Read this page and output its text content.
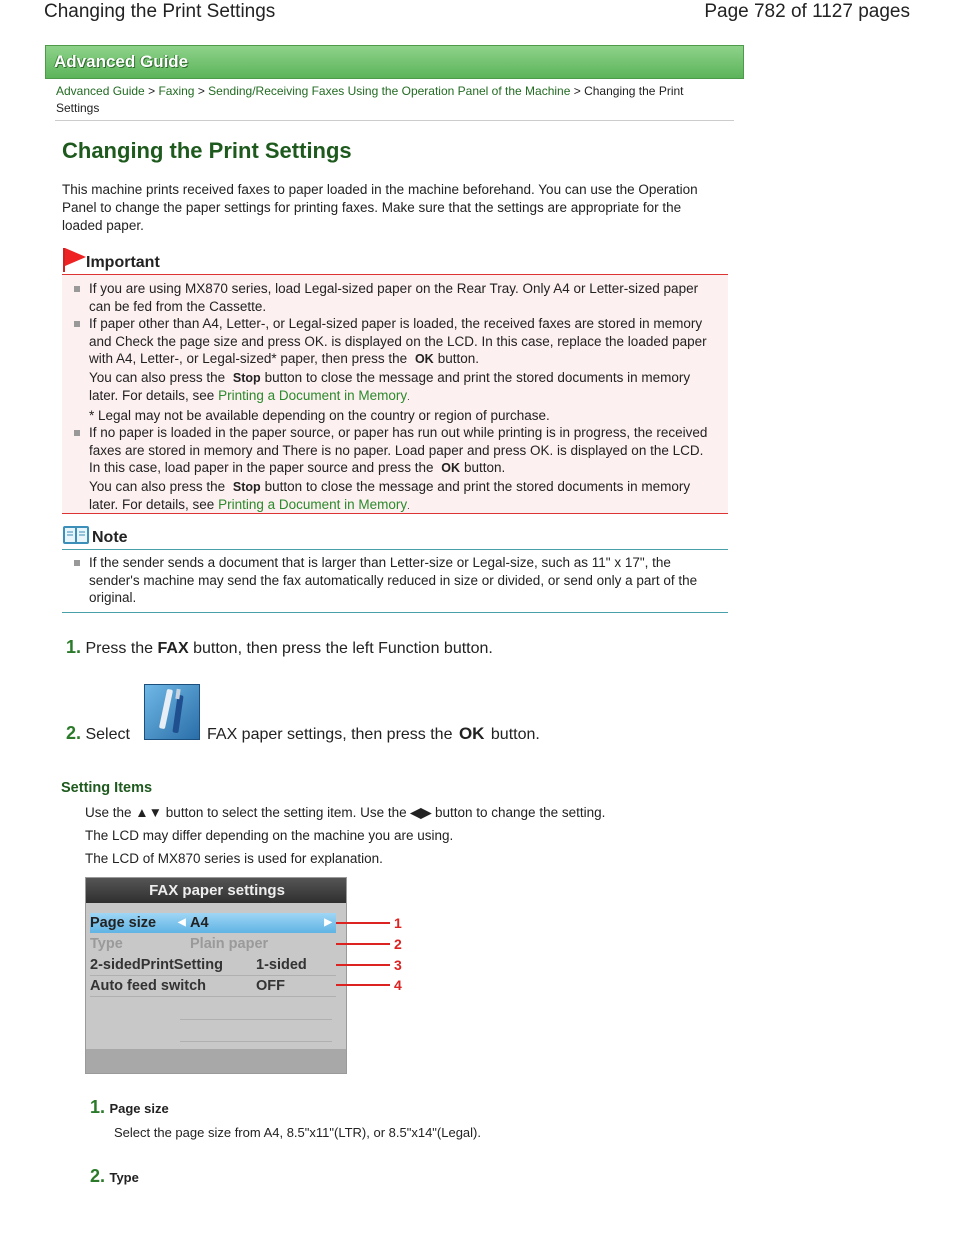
Changing the Print Settings	Page 782 of 1127 pages
Advanced Guide
Advanced Guide > Faxing > Sending/Receiving Faxes Using the Operation Panel of the Machine > Changing the Print Settings
Changing the Print Settings
This machine prints received faxes to paper loaded in the machine beforehand. You can use the Operation Panel to change the paper settings for printing faxes. Make sure that the settings are appropriate for the loaded paper.
Important
If you are using MX870 series, load Legal-sized paper on the Rear Tray. Only A4 or Letter-sized paper can be fed from the Cassette.
If paper other than A4, Letter-, or Legal-sized paper is loaded, the received faxes are stored in memory and Check the page size and press OK. is displayed on the LCD. In this case, replace the loaded paper with A4, Letter-, or Legal-sized* paper, then press the OK button.
You can also press the Stop button to close the message and print the stored documents in memory later. For details, see Printing a Document in Memory.
* Legal may not be available depending on the country or region of purchase.
If no paper is loaded in the paper source, or paper has run out while printing is in progress, the received faxes are stored in memory and There is no paper. Load paper and press OK. is displayed on the LCD. In this case, load paper in the paper source and press the OK button.
You can also press the Stop button to close the message and print the stored documents in memory later. For details, see Printing a Document in Memory.
Note
If the sender sends a document that is larger than Letter-size or Legal-size, such as 11" x 17", the sender's machine may send the fax automatically reduced in size or divided, or send only a part of the original.
1. Press the FAX button, then press the left Function button.
2. Select	FAX paper settings, then press the OK button.
Setting Items
Use the ▲▼ button to select the setting item. Use the ◀▶ button to change the setting.
The LCD may differ depending on the machine you are using.
The LCD of MX870 series is used for explanation.
FAX paper settings
Page size A4
◀	▶
Type	Plain paper
2-sidedPrintSetting 1-sided
Auto feed switch	OFF
1
2
3
4
1. Page size
Select the page size from A4, 8.5"x11"(LTR), or 8.5"x14"(Legal).
2. Type
